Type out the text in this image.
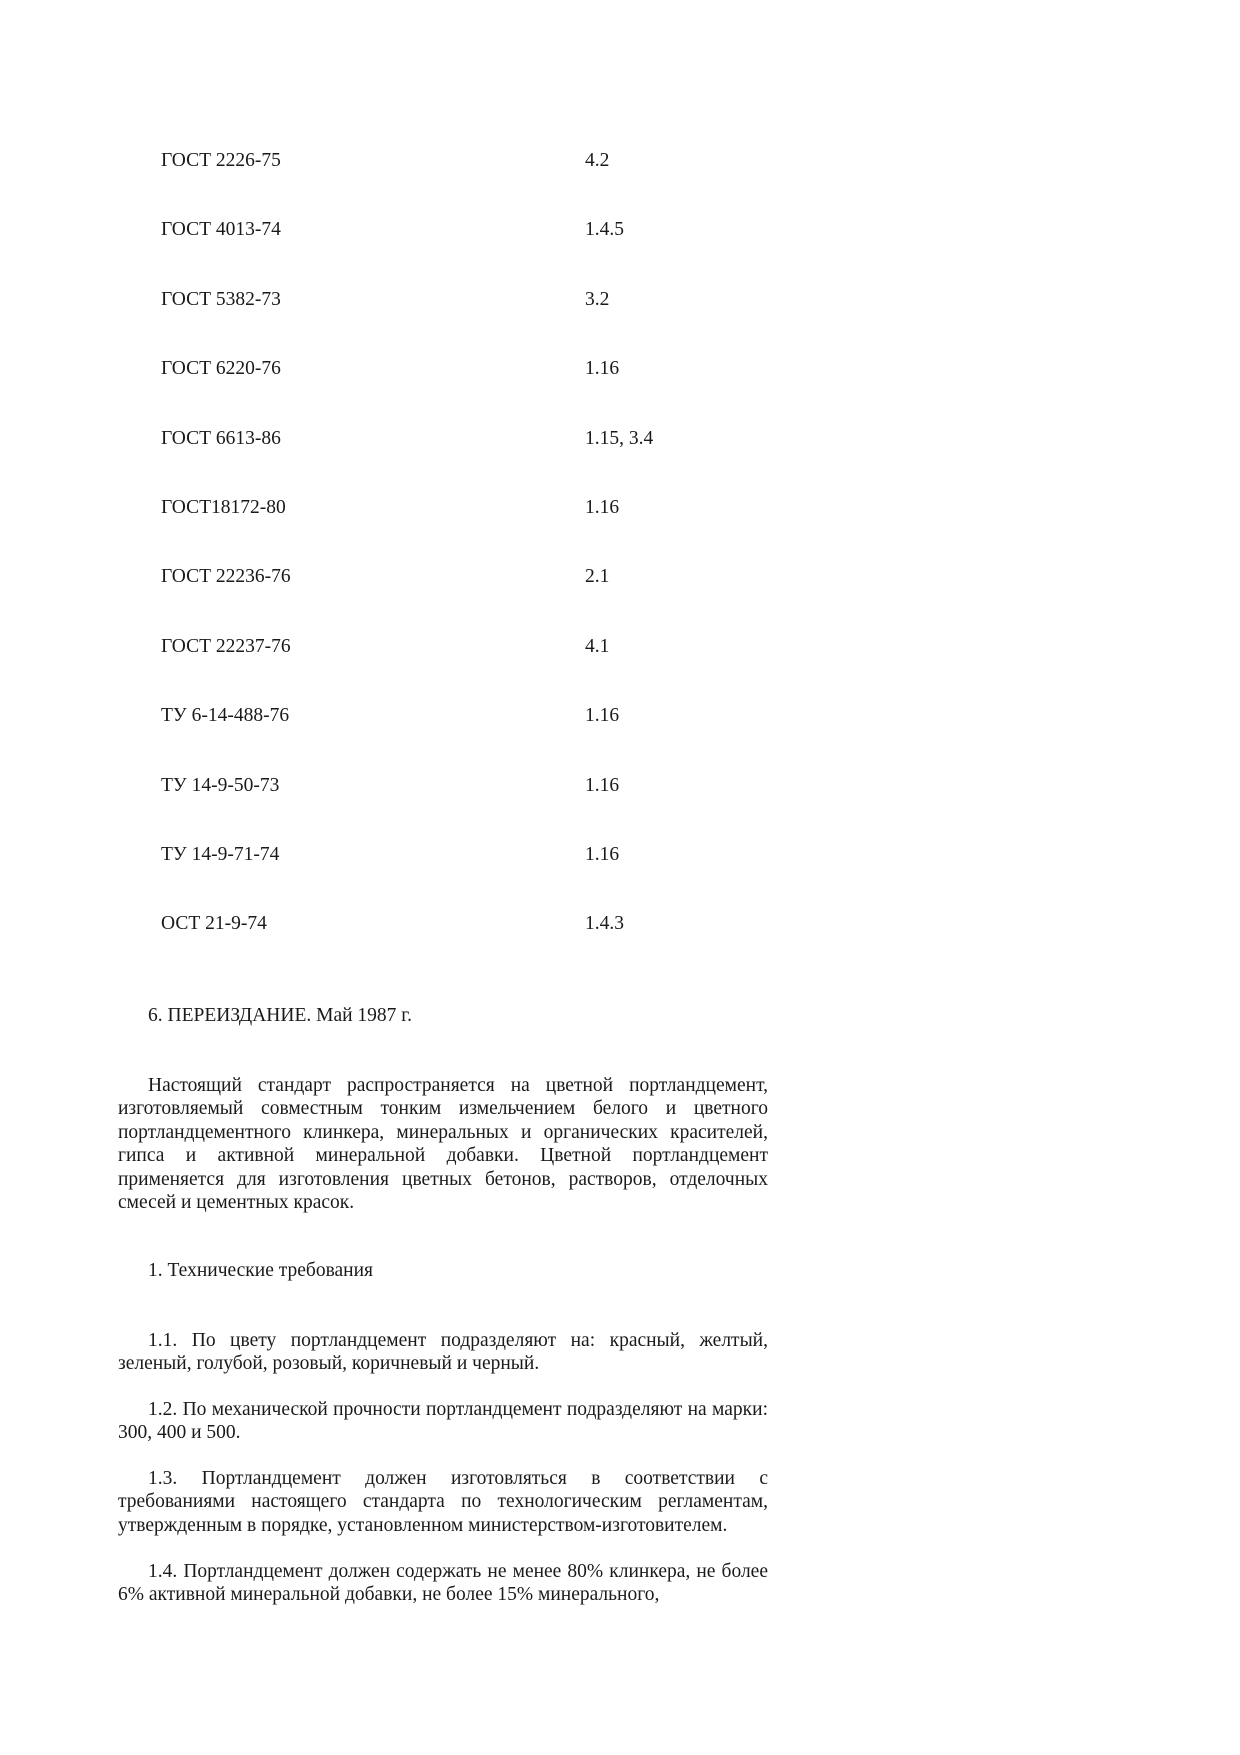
ГОСТ 2226-75	4.2
ГОСТ 4013-74	1.4.5
ГОСТ 5382-73	3.2
ГОСТ 6220-76	1.16
ГОСТ 6613-86	1.15, 3.4
ГОСТ18172-80	1.16
ГОСТ 22236-76	2.1
ГОСТ 22237-76	4.1
ТУ 6-14-488-76	1.16
ТУ 14-9-50-73	1.16
ТУ 14-9-71-74	1.16
ОСТ 21-9-74	1.4.3

6. ПЕРЕИЗДАНИЕ. Май 1987 г.

Настоящий стандарт распространяется на цветной портландцемент, изготовляемый совместным тонким измельчением белого и цветного портландцементного клинкера, минеральных и органических красителей, гипса и активной минеральной добавки. Цветной портландцемент применяется для изготовления цветных бетонов, растворов, отделочных смесей и цементных красок.

1. Технические требования

1.1. По цвету портландцемент подразделяют на: красный, желтый, зеленый, голубой, розовый, коричневый и черный.

1.2. По механической прочности портландцемент подразделяют на марки: 300, 400 и 500.

1.3. Портландцемент должен изготовляться в соответствии с требованиями настоящего стандарта по технологическим регламентам, утвержденным в порядке, установленном министерством-изготовителем.

1.4. Портландцемент должен содержать не менее 80% клинкера, не более 6% активной минеральной добавки, не более 15% минерального,
